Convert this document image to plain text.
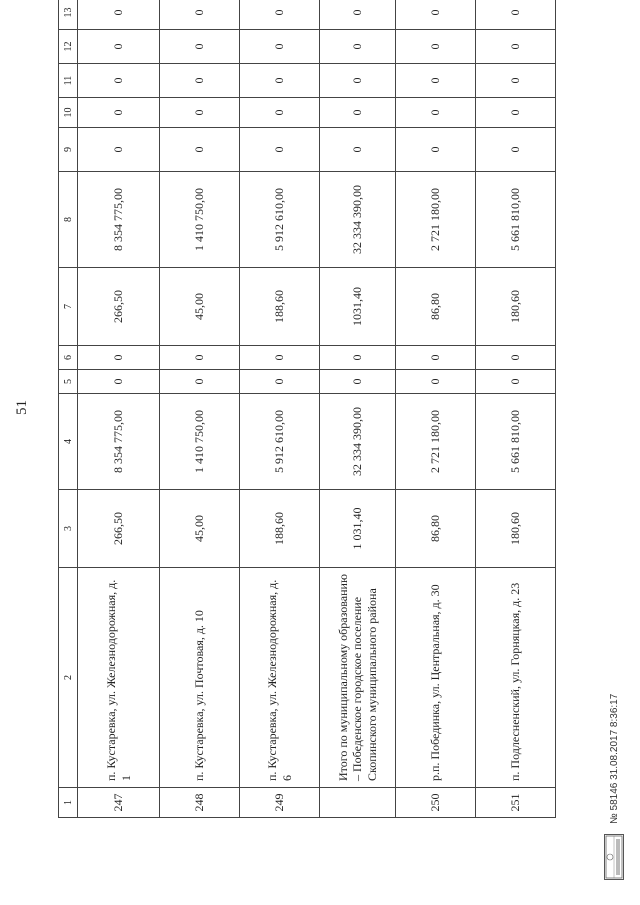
51
1	2	3	4	5	6	7	8	9	10	11	12	13			
247	п. Кустаревка, ул. Железнодорожная, д. 1	266,50	8 354 775,00	0	0	266,50	8 354 775,00	0	0	0	0	0			
248	п. Кустаревка, ул. Почтовая, д. 10	45,00	1 410 750,00	0	0	45,00	1 410 750,00	0	0	0	0	0			
249	п. Кустаревка, ул. Железнодорожная, д. 6	188,60	5 912 610,00	0	0	188,60	5 912 610,00	0	0	0	0	0			
	Итого по муниципальному образованию – Победенское городское поселение Скопинского муниципального района	1 031,40	32 334 390,00	0	0	1031,40	32 334 390,00	0	0	0	0	0			
250	р.п. Побединка, ул. Центральная, д. 30	86,80	2 721 180,00	0	0	86,80	2 721 180,00	0	0	0	0	0			
251	п. Подлесненский, ул. Горняцкая, д. 23	180,60	5 661 810,00	0	0	180,60	5 661 810,00	0	0	0	0	0			
№ 58146 31.08.2017 8:36:17
